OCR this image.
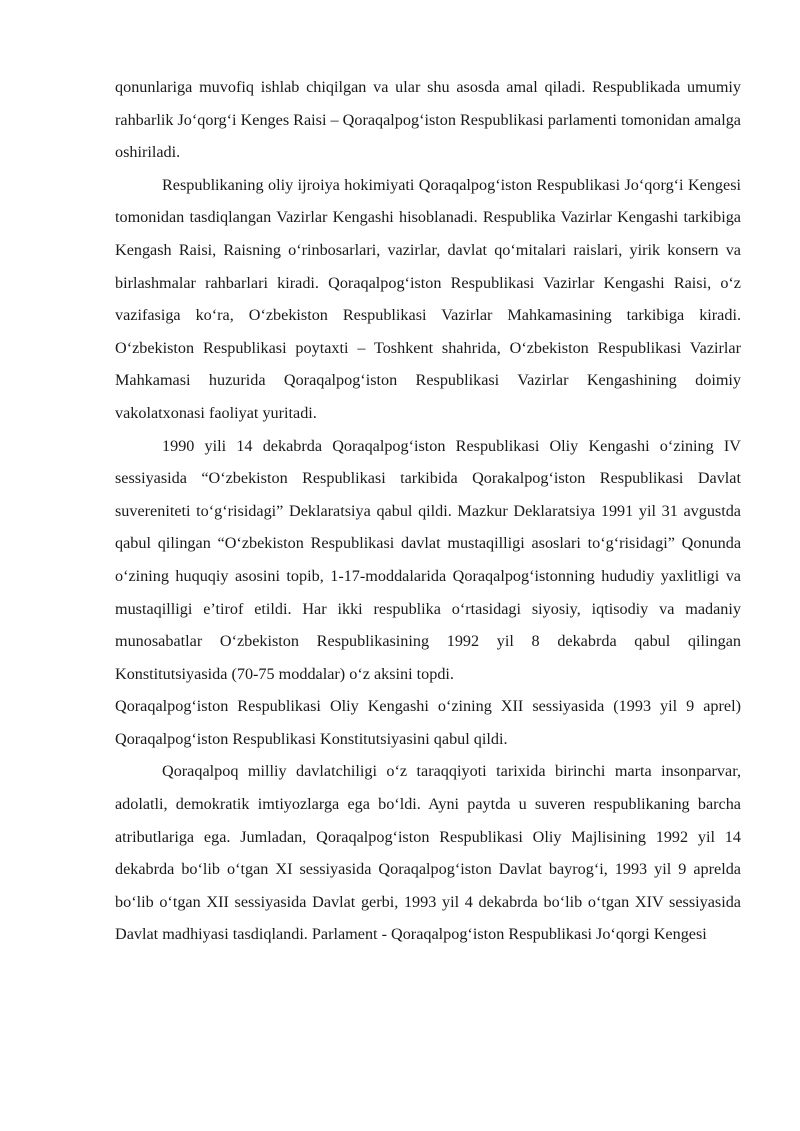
qonunlariga muvofiq ishlab chiqilgan va ular shu asosda amal qiladi. Respublikada umumiy rahbarlik Jo‘qorg‘i Kenges Raisi – Qoraqalpog‘iston Respublikasi parlamenti tomonidan amalga oshiriladi.

Respublikaning oliy ijroiya hokimiyati Qoraqalpog‘iston Respublikasi Jo‘qorg‘i Kengesi tomonidan tasdiqlangan Vazirlar Kengashi hisoblanadi. Respublika Vazirlar Kengashi tarkibiga Kengash Raisi, Raisning o‘rinbosarlari, vazirlar, davlat qo‘mitalari raislari, yirik konsern va birlashmalar rahbarlari kiradi. Qoraqalpog‘iston Respublikasi Vazirlar Kengashi Raisi, o‘z vazifasiga ko‘ra, O‘zbekiston Respublikasi Vazirlar Mahkamasining tarkibiga kiradi. O‘zbekiston Respublikasi poytaxti – Toshkent shahrida, O‘zbekiston Respublikasi Vazirlar Mahkamasi huzurida Qoraqalpog‘iston Respublikasi Vazirlar Kengashining doimiy vakolatxonasi faoliyat yuritadi.

1990 yili 14 dekabrda Qoraqalpog‘iston Respublikasi Oliy Kengashi o‘zining IV sessiyasida “O‘zbekiston Respublikasi tarkibida Qorakalpog‘iston Respublikasi Davlat suvereniteti to‘g‘risidagi” Deklaratsiya qabul qildi. Mazkur Deklaratsiya 1991 yil 31 avgustda qabul qilingan “O‘zbekiston Respublikasi davlat mustaqilligi asoslari to‘g‘risidagi” Qonunda o‘zining huquqiy asosini topib, 1-17-moddalarida Qoraqalpog‘istonning hududiy yaxlitligi va mustaqilligi e’tirof etildi. Har ikki respublika o‘rtasidagi siyosiy, iqtisodiy va madaniy munosabatlar O‘zbekiston Respublikasining 1992 yil 8 dekabrda qabul qilingan Konstitutsiyasida (70-75 moddalar) o‘z aksini topdi.

Qoraqalpog‘iston Respublikasi Oliy Kengashi o‘zining XII sessiyasida (1993 yil 9 aprel) Qoraqalpog‘iston Respublikasi Konstitutsiyasini qabul qildi.

Qoraqalpoq milliy davlatchiligi o‘z taraqqiyoti tarixida birinchi marta insonparvar, adolatli, demokratik imtiyozlarga ega bo‘ldi. Ayni paytda u suveren respublikaning barcha atributlariga ega. Jumladan, Qoraqalpog‘iston Respublikasi Oliy Majlisining 1992 yil 14 dekabrda bo‘lib o‘tgan XI sessiyasida Qoraqalpog‘iston Davlat bayrog‘i, 1993 yil 9 aprelda bo‘lib o‘tgan XII sessiyasida Davlat gerbi, 1993 yil 4 dekabrda bo‘lib o‘tgan XIV sessiyasida Davlat madhiyasi tasdiqlandi. Parlament - Qoraqalpog‘iston Respublikasi Jo‘qorgi Kengesi
